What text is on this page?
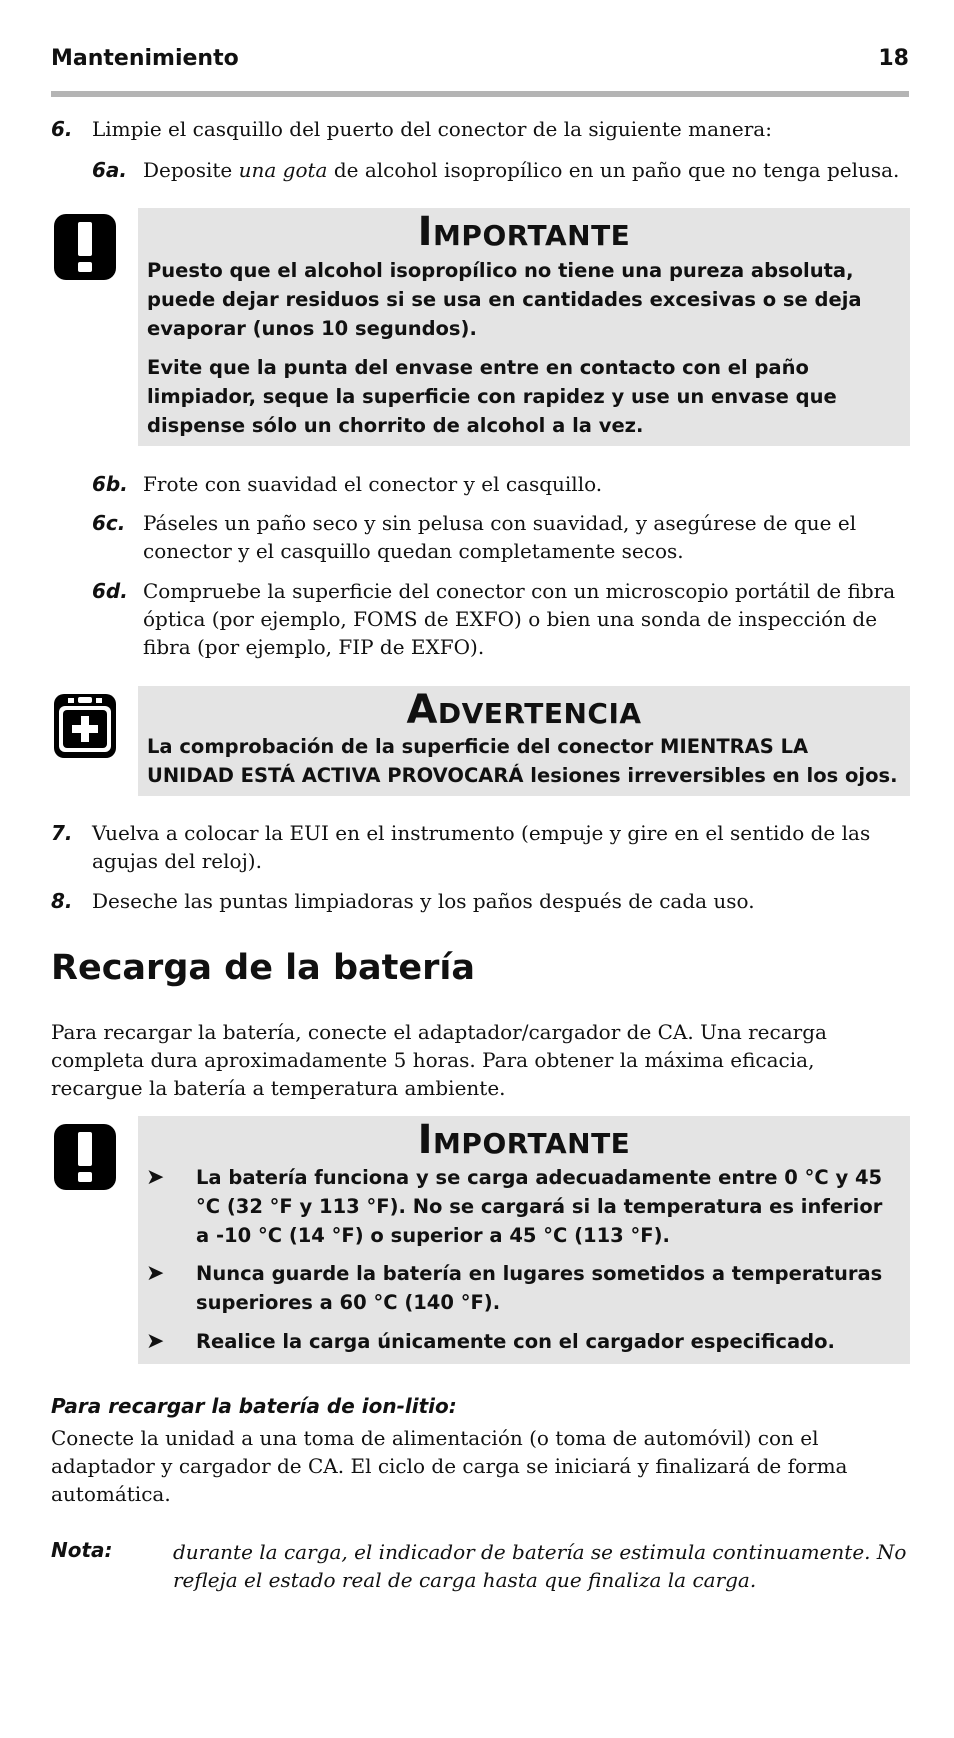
Mantenimiento	18
6. Limpie el casquillo del puerto del conector de la siguiente manera:
6a. Deposite una gota de alcohol isopropílico en un paño que no tenga pelusa.
Importante
Puesto que el alcohol isopropílico no tiene una pureza absoluta, puede dejar residuos si se usa en cantidades excesivas o se deja evaporar (unos 10 segundos).
Evite que la punta del envase entre en contacto con el paño limpiador, seque la superficie con rapidez y use un envase que dispense sólo un chorrito de alcohol a la vez.
6b. Frote con suavidad el conector y el casquillo.
6c. Páseles un paño seco y sin pelusa con suavidad, y asegúrese de que el conector y el casquillo quedan completamente secos.
6d. Compruebe la superficie del conector con un microscopio portátil de fibra óptica (por ejemplo, FOMS de EXFO) o bien una sonda de inspección de fibra (por ejemplo, FIP de EXFO).
Advertencia
La comprobación de la superficie del conector MIENTRAS LA UNIDAD ESTÁ ACTIVA PROVOCARÁ lesiones irreversibles en los ojos.
7. Vuelva a colocar la EUI en el instrumento (empuje y gire en el sentido de las agujas del reloj).
8. Deseche las puntas limpiadoras y los paños después de cada uso.
Recarga de la batería
Para recargar la batería, conecte el adaptador/cargador de CA. Una recarga completa dura aproximadamente 5 horas. Para obtener la máxima eficacia, recargue la batería a temperatura ambiente.
Importante
➤ La batería funciona y se carga adecuadamente entre 0 °C y 45 °C (32 °F y 113 °F). No se cargará si la temperatura es inferior a -10 °C (14 °F) o superior a 45 °C (113 °F).
➤ Nunca guarde la batería en lugares sometidos a temperaturas superiores a 60 °C (140 °F).
➤ Realice la carga únicamente con el cargador especificado.
Para recargar la batería de ion-litio:
Conecte la unidad a una toma de alimentación (o toma de automóvil) con el adaptador y cargador de CA. El ciclo de carga se iniciará y finalizará de forma automática.
Nota:	durante la carga, el indicador de batería se estimula continuamente. No refleja el estado real de carga hasta que finaliza la carga.
